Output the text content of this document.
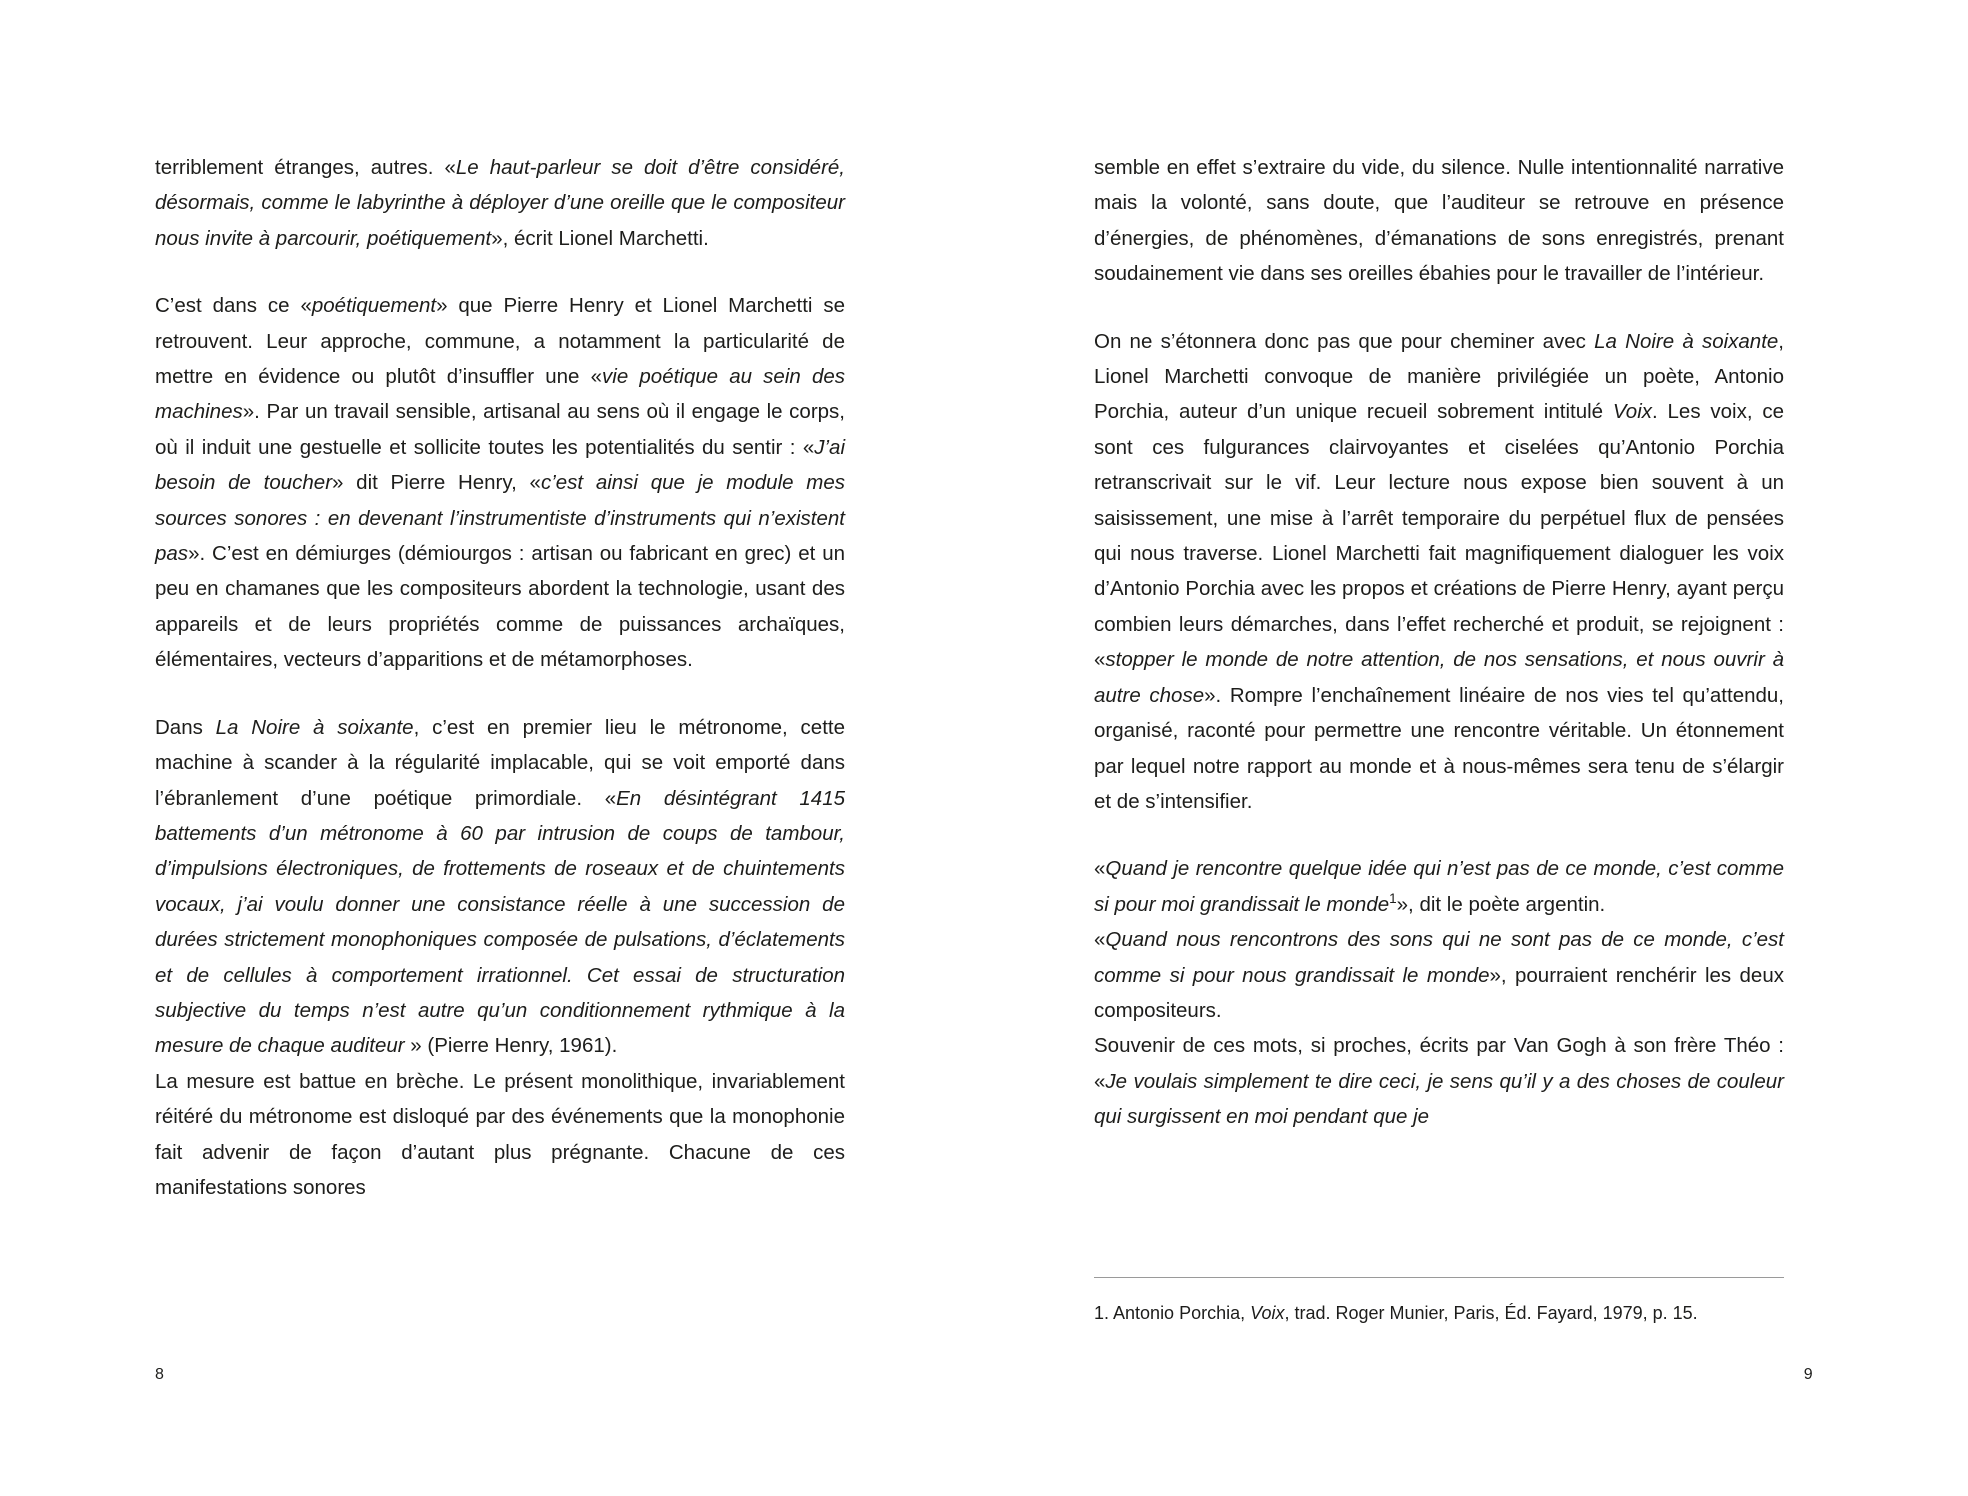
terriblement étranges, autres. «Le haut-parleur se doit d’être considéré, désormais, comme le labyrinthe à déployer d’une oreille que le compositeur nous invite à parcourir, poétiquement», écrit Lionel Marchetti.

C’est dans ce «poétiquement» que Pierre Henry et Lionel Marchetti se retrouvent. Leur approche, commune, a notamment la particularité de mettre en évidence ou plutôt d’insuffler une «vie poétique au sein des machines». Par un travail sensible, artisanal au sens où il engage le corps, où il induit une gestuelle et sollicite toutes les potentialités du sentir : «J’ai besoin de toucher» dit Pierre Henry, «c’est ainsi que je module mes sources sonores : en devenant l’instrumentiste d’instruments qui n’existent pas». C’est en démiurges (démiourgos : artisan ou fabricant en grec) et un peu en chamanes que les compositeurs abordent la technologie, usant des appareils et de leurs propriétés comme de puissances archaïques, élémentaires, vecteurs d’apparitions et de métamorphoses.

Dans La Noire à soixante, c’est en premier lieu le métronome, cette machine à scander à la régularité implacable, qui se voit emporté dans l’ébranlement d’une poétique primordiale. «En désintégrant 1415 battements d’un métronome à 60 par intrusion de coups de tambour, d’impulsions électroniques, de frottements de roseaux et de chuintements vocaux, j’ai voulu donner une consistance réelle à une succession de durées strictement monophoniques composée de pulsations, d’éclatements et de cellules à comportement irrationnel. Cet essai de structuration subjective du temps n’est autre qu’un conditionnement rythmique à la mesure de chaque auditeur » (Pierre Henry, 1961).

La mesure est battue en brèche. Le présent monolithique, invariablement réitéré du métronome est disloqué par des événements que la monophonie fait advenir de façon d’autant plus prégnante. Chacune de ces manifestations sonores

8

semble en effet s’extraire du vide, du silence. Nulle intentionnalité narrative mais la volonté, sans doute, que l’auditeur se retrouve en présence d’énergies, de phénomènes, d’émanations de sons enregistrés, prenant soudainement vie dans ses oreilles ébahies pour le travailler de l’intérieur.

On ne s’étonnera donc pas que pour cheminer avec La Noire à soixante, Lionel Marchetti convoque de manière privilégiée un poète, Antonio Porchia, auteur d’un unique recueil sobrement intitulé Voix. Les voix, ce sont ces fulgurances clairvoyantes et ciselées qu’Antonio Porchia retranscrivait sur le vif. Leur lecture nous expose bien souvent à un saisissement, une mise à l’arrêt temporaire du perpétuel flux de pensées qui nous traverse. Lionel Marchetti fait magnifiquement dialoguer les voix d’Antonio Porchia avec les propos et créations de Pierre Henry, ayant perçu combien leurs démarches, dans l’effet recherché et produit, se rejoignent : «stopper le monde de notre attention, de nos sensations, et nous ouvrir à autre chose». Rompre l’enchaînement linéaire de nos vies tel qu’attendu, organisé, raconté pour permettre une rencontre véritable. Un étonnement par lequel notre rapport au monde et à nous-mêmes sera tenu de s’élargir et de s’intensifier.

«Quand je rencontre quelque idée qui n’est pas de ce monde, c’est comme si pour moi grandissait le monde$^1$», dit le poète argentin.

«Quand nous rencontrons des sons qui ne sont pas de ce monde, c’est comme si pour nous grandissait le monde», pourraient renchérir les deux compositeurs.

Souvenir de ces mots, si proches, écrits par Van Gogh à son frère Théo : «Je voulais simplement te dire ceci, je sens qu’il y a des choses de couleur qui surgissent en moi pendant que je

1. Antonio Porchia, Voix, trad. Roger Munier, Paris, Éd. Fayard, 1979, p. 15.
9
